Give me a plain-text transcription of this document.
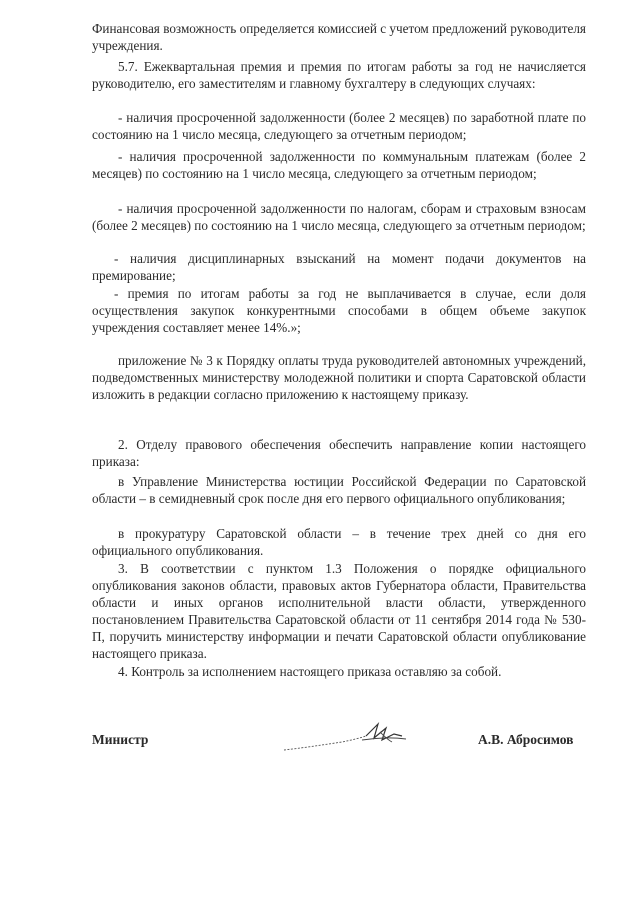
Финансовая возможность определяется комиссией с учетом предложений руководителя учреждения.

5.7. Ежеквартальная премия и премия по итогам работы за год не начисляется руководителю, его заместителям и главному бухгалтеру в следующих случаях:

- наличия просроченной задолженности (более 2 месяцев) по заработной плате по состоянию на 1 число месяца, следующего за отчетным периодом;

- наличия просроченной задолженности по коммунальным платежам (более 2 месяцев) по состоянию на 1 число месяца, следующего за отчетным периодом;

- наличия просроченной задолженности по налогам, сборам и страховым взносам (более 2 месяцев) по состоянию на 1 число месяца, следующего за отчетным периодом;

- наличия дисциплинарных взысканий на момент подачи документов на премирование;

- премия по итогам работы за год не выплачивается в случае, если доля осуществления закупок конкурентными способами в общем объеме закупок учреждения составляет менее 14%.»;

приложение № 3 к Порядку оплаты труда руководителей автономных учреждений, подведомственных министерству молодежной политики и спорта Саратовской области изложить в редакции согласно приложению к настоящему приказу.

2. Отделу правового обеспечения обеспечить направление копии настоящего приказа:

в Управление Министерства юстиции Российской Федерации по Саратовской области – в семидневный срок после дня его первого официального опубликования;

в прокуратуру Саратовской области – в течение трех дней со дня его официального опубликования.

3. В соответствии с пунктом 1.3 Положения о порядке официального опубликования законов области, правовых актов Губернатора области, Правительства области и иных органов исполнительной власти области, утвержденного постановлением Правительства Саратовской области от 11 сентября 2014 года № 530-П, поручить министерству информации и печати Саратовской области опубликование настоящего приказа.

4. Контроль за исполнением настоящего приказа оставляю за собой.

Министр	А.В. Абросимов
